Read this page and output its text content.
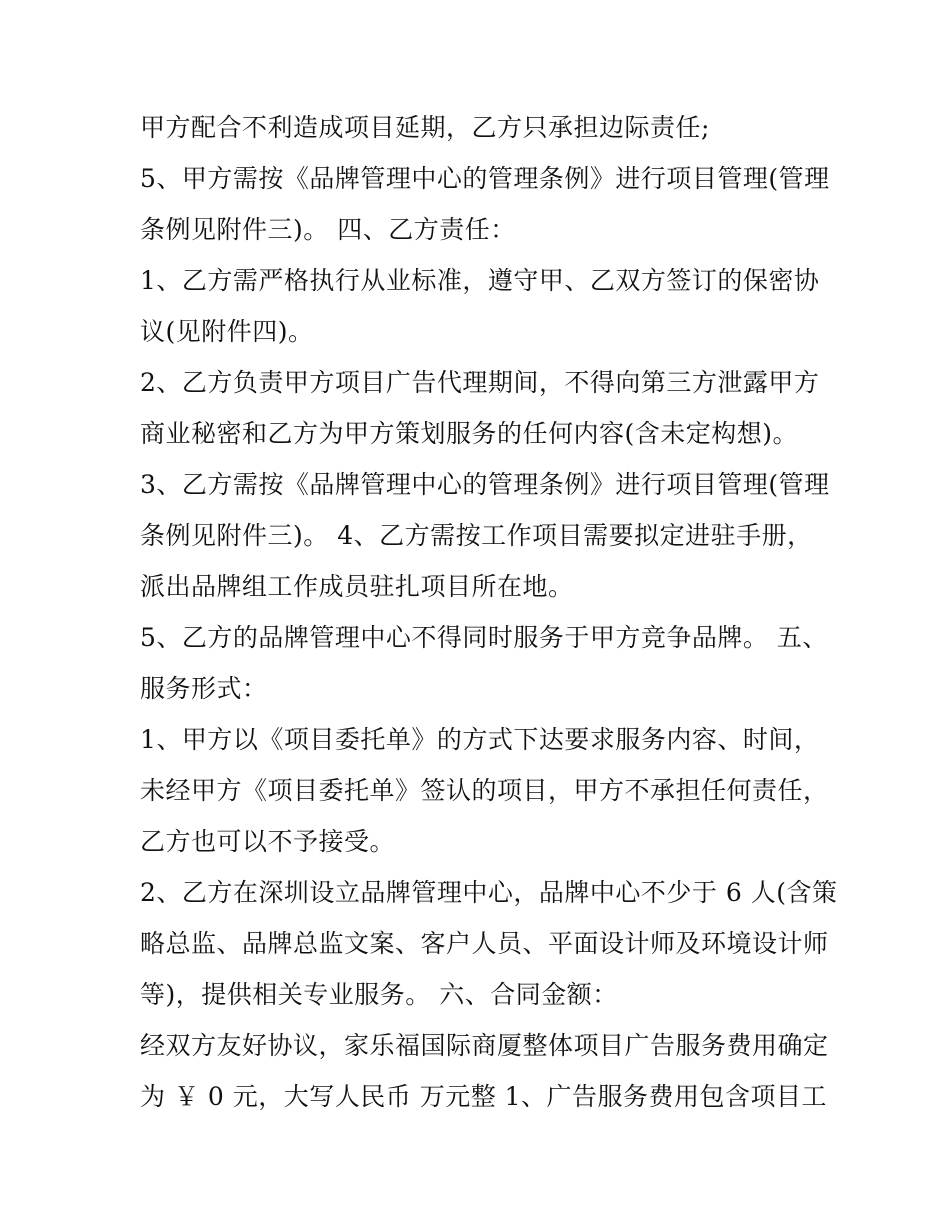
甲方配合不利造成项目延期，乙方只承担边际责任;
5、甲方需按《品牌管理中心的管理条例》进行项目管理(管理
条例见附件三)。 四、乙方责任：
1、乙方需严格执行从业标准，遵守甲、乙双方签订的保密协
议(见附件四)。
2、乙方负责甲方项目广告代理期间，不得向第三方泄露甲方
商业秘密和乙方为甲方策划服务的任何内容(含未定构想)。
3、乙方需按《品牌管理中心的管理条例》进行项目管理(管理
条例见附件三)。 4、乙方需按工作项目需要拟定进驻手册，
派出品牌组工作成员驻扎项目所在地。
5、乙方的品牌管理中心不得同时服务于甲方竞争品牌。 五、
服务形式：
1、甲方以《项目委托单》的方式下达要求服务内容、时间，
未经甲方《项目委托单》签认的项目，甲方不承担任何责任，
乙方也可以不予接受。
2、乙方在深圳设立品牌管理中心，品牌中心不少于 6 人(含策
略总监、品牌总监文案、客户人员、平面设计师及环境设计师
等)，提供相关专业服务。 六、合同金额：
经双方友好协议，家乐福国际商厦整体项目广告服务费用确定
为 ￥ 0 元，大写人民币 万元整 1、广告服务费用包含项目工
